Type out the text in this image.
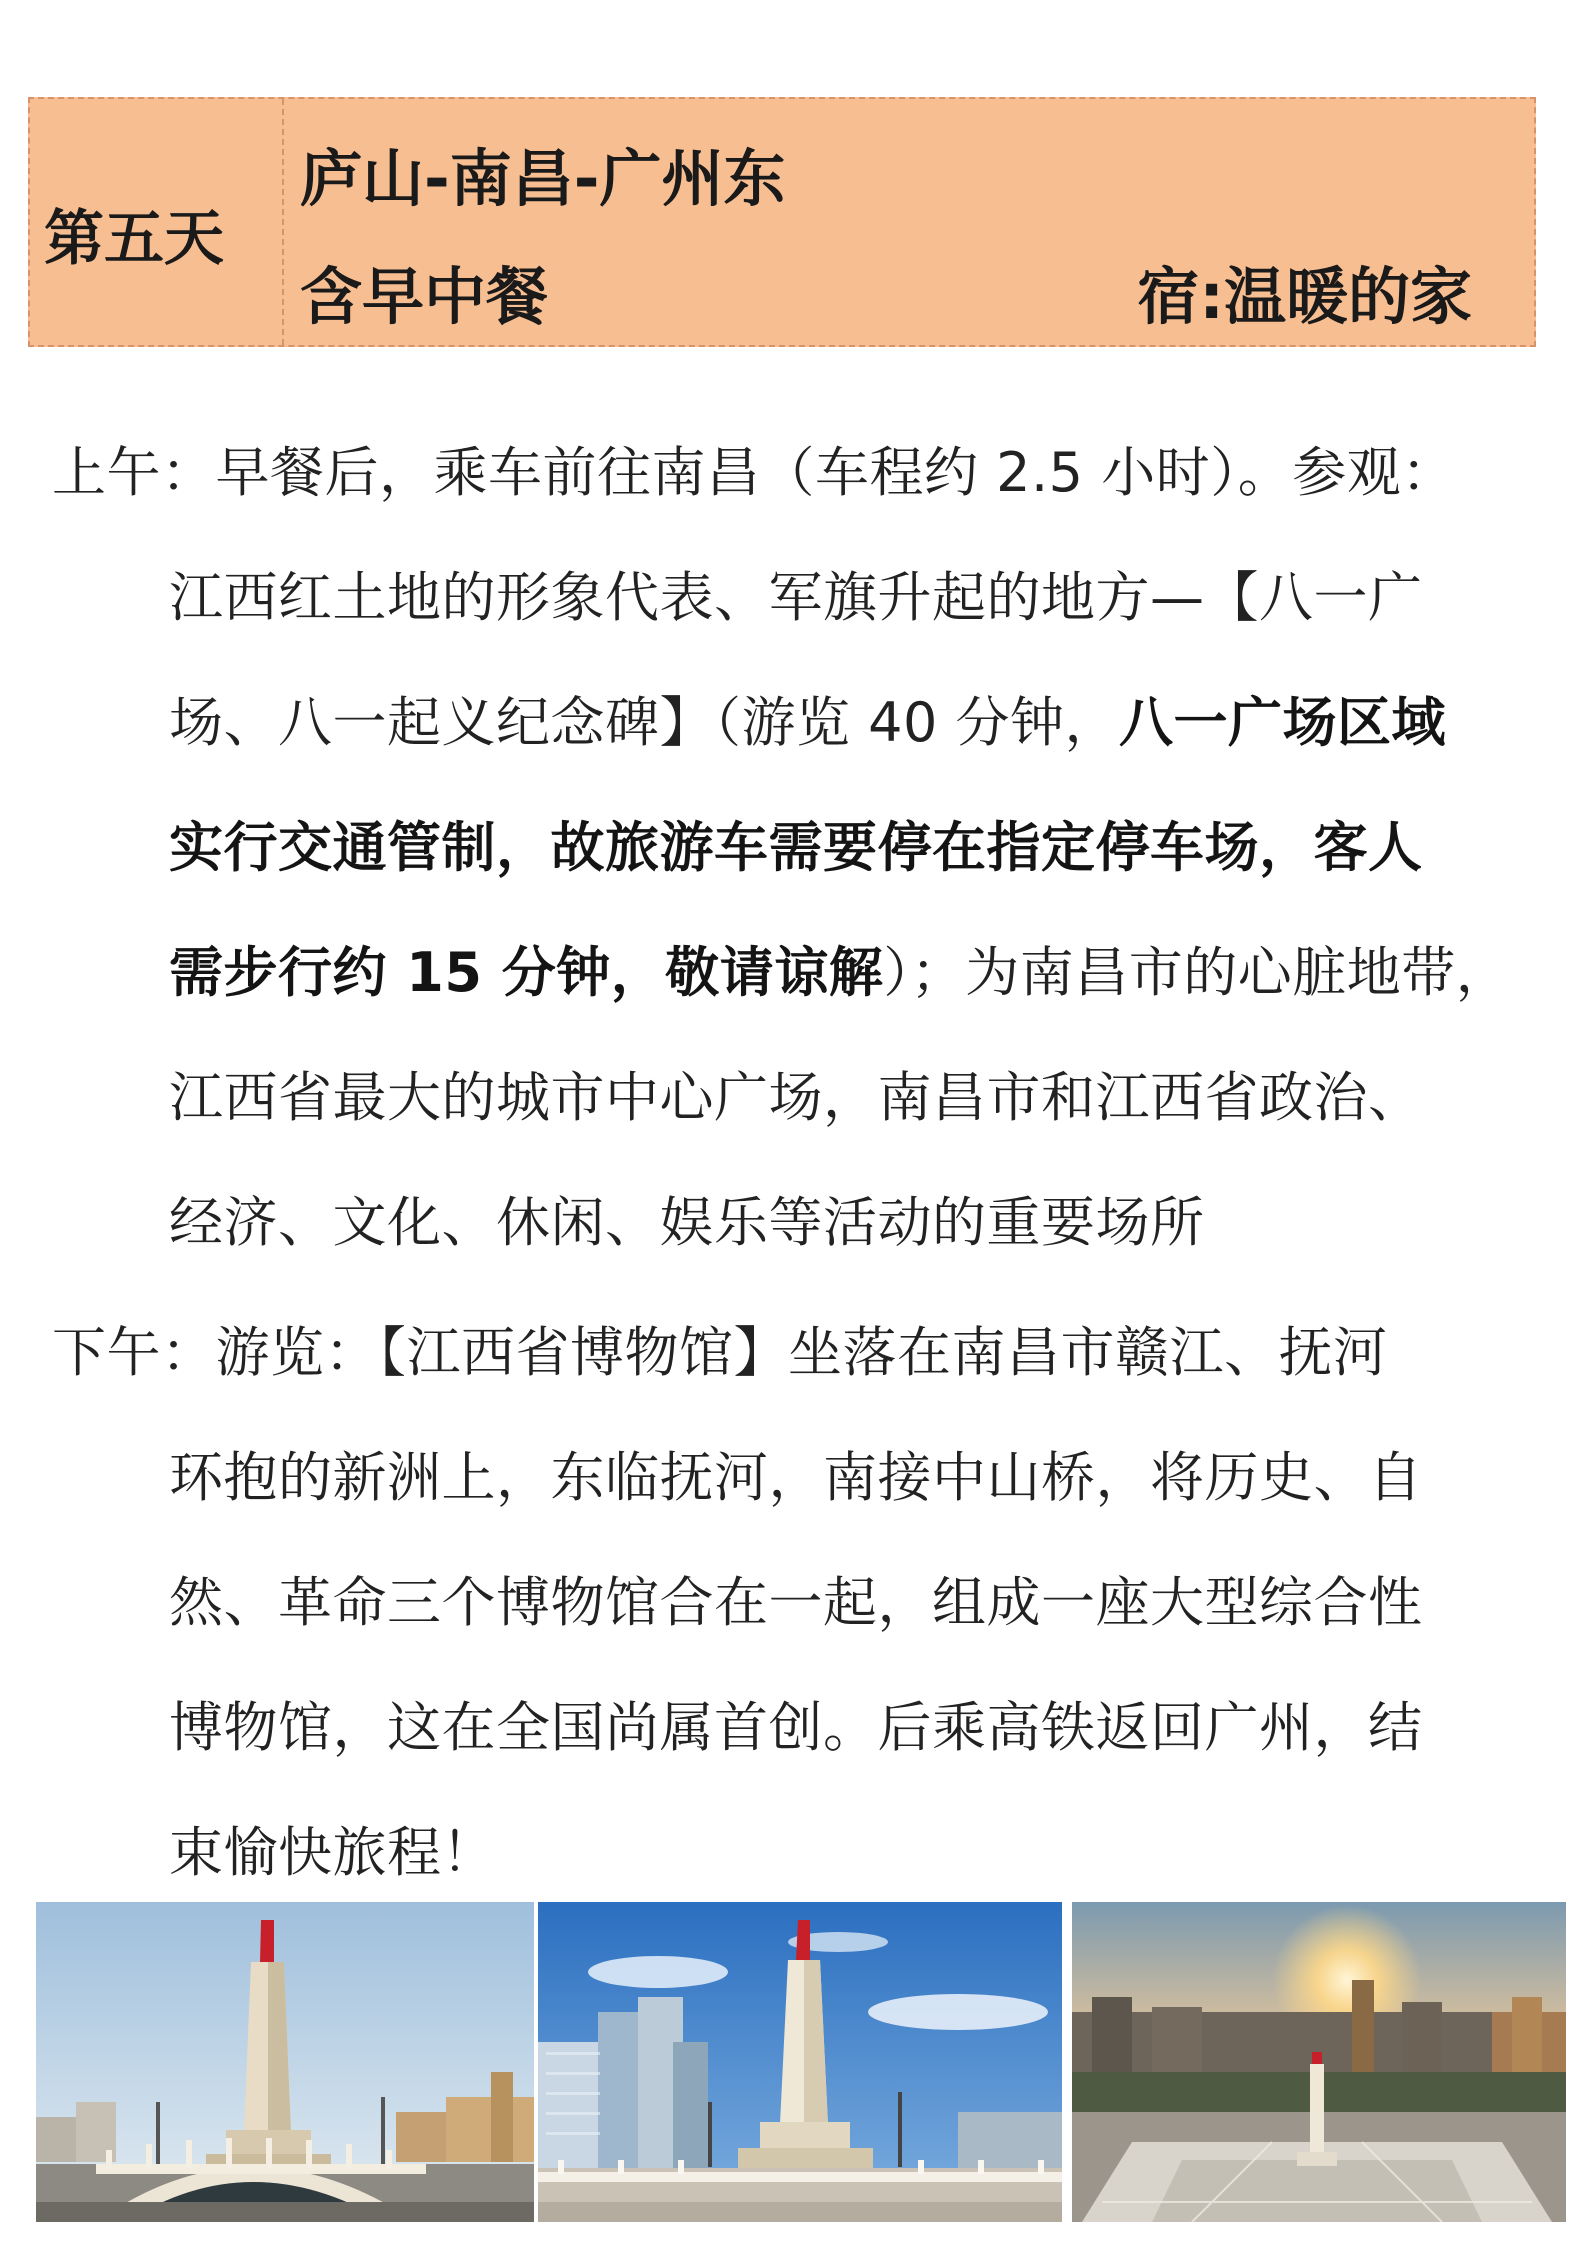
第五天
庐山-南昌-广州东
含早中餐	宿:温暖的家
上午：早餐后，乘车前往南昌（车程约 2.5 小时）。参观：
江西红土地的形象代表、军旗升起的地方—【八一广
场、八一起义纪念碑】（游览 40 分钟，八一广场区域
实行交通管制，故旅游车需要停在指定停车场，客人
需步行约 15 分钟，敬请谅解）；为南昌市的心脏地带，
江西省最大的城市中心广场，南昌市和江西省政治、
经济、文化、休闲、娱乐等活动的重要场所
下午：游览：【江西省博物馆】坐落在南昌市赣江、抚河
环抱的新洲上，东临抚河，南接中山桥，将历史、自
然、革命三个博物馆合在一起，组成一座大型综合性
博物馆，这在全国尚属首创。后乘高铁返回广州，结
束愉快旅程！
